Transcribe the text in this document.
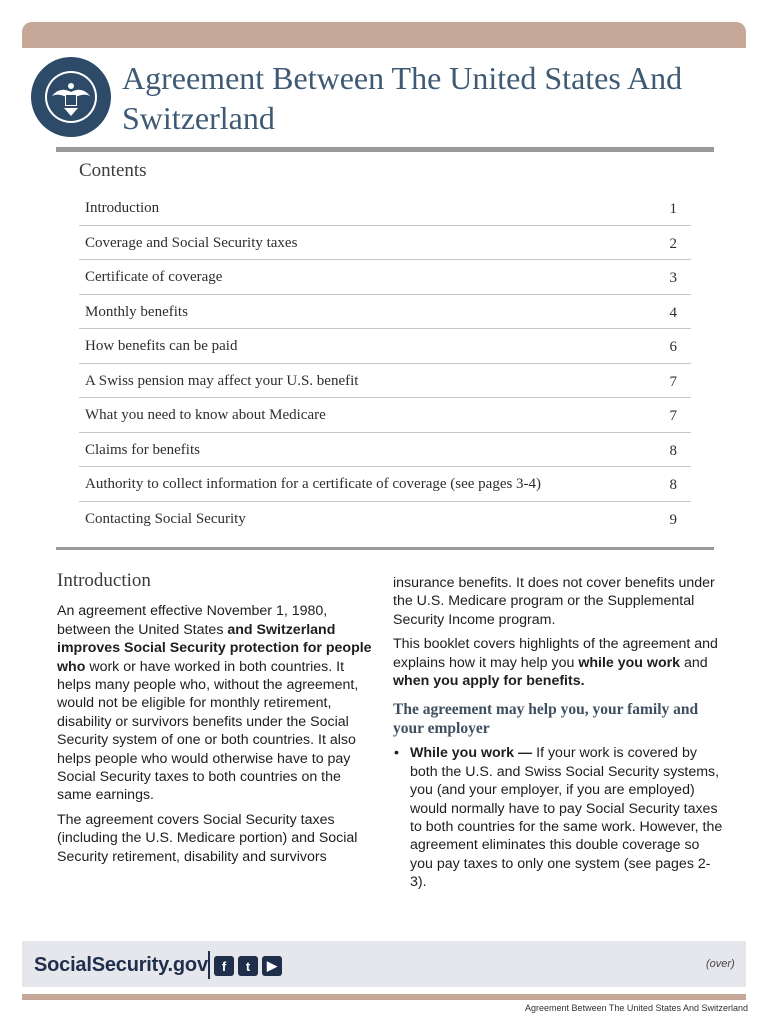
Agreement Between The United States And Switzerland
Contents
Introduction	1
Coverage and Social Security taxes	2
Certificate of coverage	3
Monthly benefits	4
How benefits can be paid	6
A Swiss pension may affect your U.S. benefit	7
What you need to know about Medicare	7
Claims for benefits	8
Authority to collect information for a certificate of coverage (see pages 3-4)	8
Contacting Social Security	9
Introduction

An agreement effective November 1, 1980, between the United States and Switzerland improves Social Security protection for people who work or have worked in both countries. It helps many people who, without the agreement, would not be eligible for monthly retirement, disability or survivors benefits under the Social Security system of one or both countries. It also helps people who would otherwise have to pay Social Security taxes to both countries on the same earnings.

The agreement covers Social Security taxes (including the U.S. Medicare portion) and Social Security retirement, disability and survivors

insurance benefits. It does not cover benefits under the U.S. Medicare program or the Supplemental Security Income program.

This booklet covers highlights of the agreement and explains how it may help you while you work and when you apply for benefits.

The agreement may help you, your family and your employer
• While you work — If your work is covered by both the U.S. and Swiss Social Security systems, you (and your employer, if you are employed) would normally have to pay Social Security taxes to both countries for the same work. However, the agreement eliminates this double coverage so you pay taxes to only one system (see pages 2-3).
SocialSecurity.gov	f	t	▶	(over)
Agreement Between The United States And Switzerland
